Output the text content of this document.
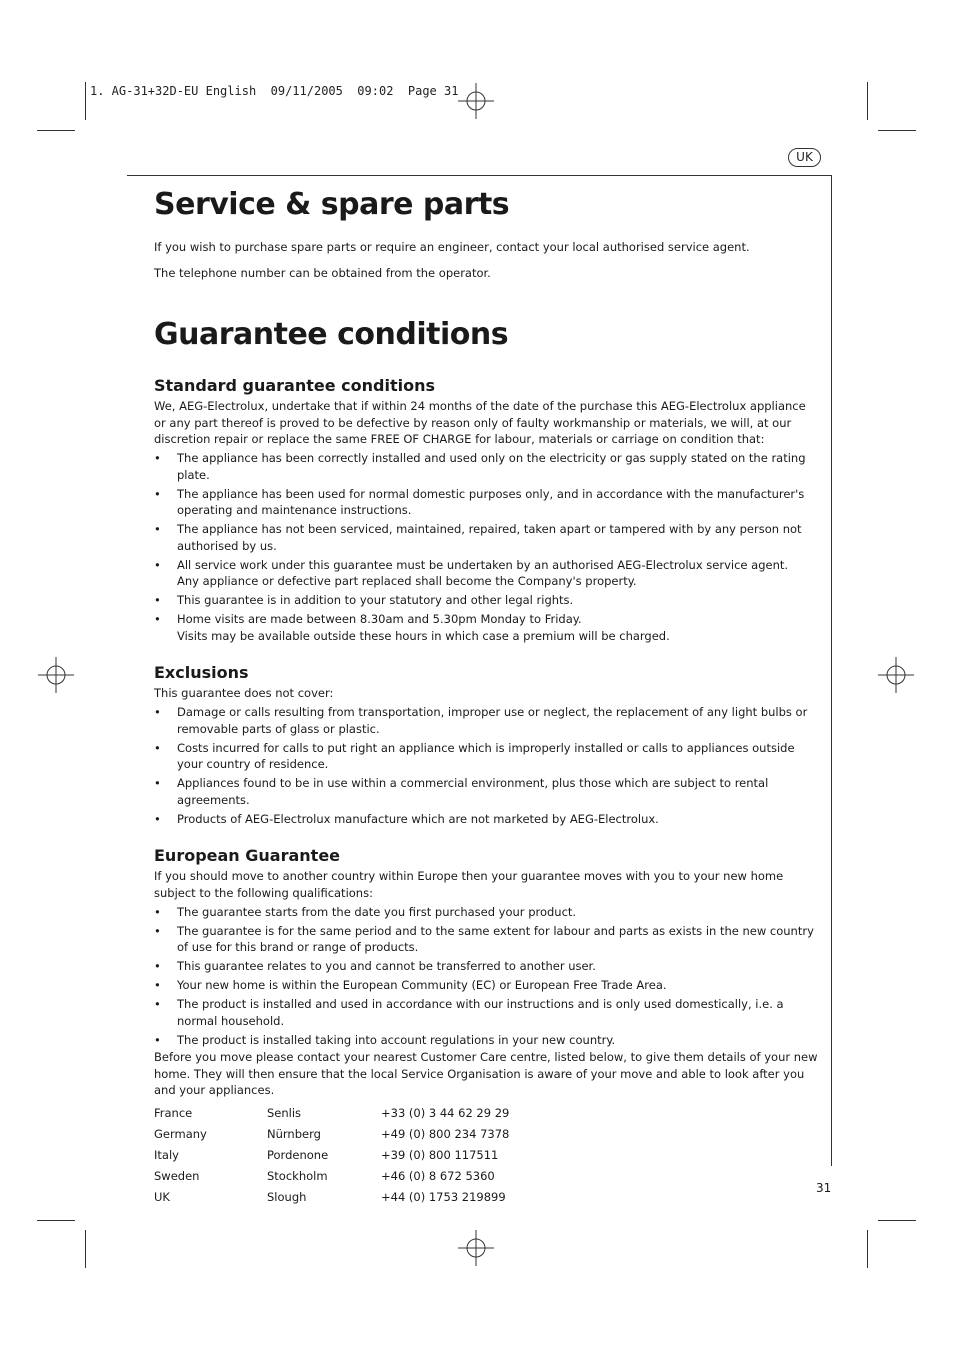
1. AG-31+32D-EU English  09/11/2005  09:02  Page 31
UK
Service & spare parts

If you wish to purchase spare parts or require an engineer, contact your local authorised service agent.

The telephone number can be obtained from the operator.

Guarantee conditions
Standard guarantee conditions

We, AEG-Electrolux, undertake that if within 24 months of the date of the purchase this AEG-Electrolux appliance or any part thereof is proved to be defective by reason only of faulty workmanship or materials, we will, at our discretion repair or replace the same FREE OF CHARGE for labour, materials or carriage on condition that:

• The appliance has been correctly installed and used only on the electricity or gas supply stated on the rating plate.
• The appliance has been used for normal domestic purposes only, and in accordance with the manufacturer's operating and maintenance instructions.
• The appliance has not been serviced, maintained, repaired, taken apart or tampered with by any person not authorised by us.
• All service work under this guarantee must be undertaken by an authorised AEG-Electrolux service agent.
Any appliance or defective part replaced shall become the Company's property.
• This guarantee is in addition to your statutory and other legal rights.
• Home visits are made between 8.30am and 5.30pm Monday to Friday.
Visits may be available outside these hours in which case a premium will be charged.
Exclusions

This guarantee does not cover:

• Damage or calls resulting from transportation, improper use or neglect, the replacement of any light bulbs or removable parts of glass or plastic.
• Costs incurred for calls to put right an appliance which is improperly installed or calls to appliances outside your country of residence.
• Appliances found to be in use within a commercial environment, plus those which are subject to rental agreements.
• Products of AEG-Electrolux manufacture which are not marketed by AEG-Electrolux.
European Guarantee

If you should move to another country within Europe then your guarantee moves with you to your new home subject to the following qualifications:

• The guarantee starts from the date you first purchased your product.
• The guarantee is for the same period and to the same extent for labour and parts as exists in the new country of use for this brand or range of products.
• This guarantee relates to you and cannot be transferred to another user.
• Your new home is within the European Community (EC) or European Free Trade Area.
• The product is installed and used in accordance with our instructions and is only used domestically, i.e. a normal household.
• The product is installed taking into account regulations in your new country.

Before you move please contact your nearest Customer Care centre, listed below, to give them details of your new home. They will then ensure that the local Service Organisation is aware of your move and able to look after you and your appliances.

France	Senlis	+33 (0) 3 44 62 29 29
Germany	Nürnberg	+49 (0) 800 234 7378
Italy	Pordenone	+39 (0) 800 117511
Sweden	Stockholm	+46 (0) 8 672 5360
UK	Slough	+44 (0) 1753 219899
31
